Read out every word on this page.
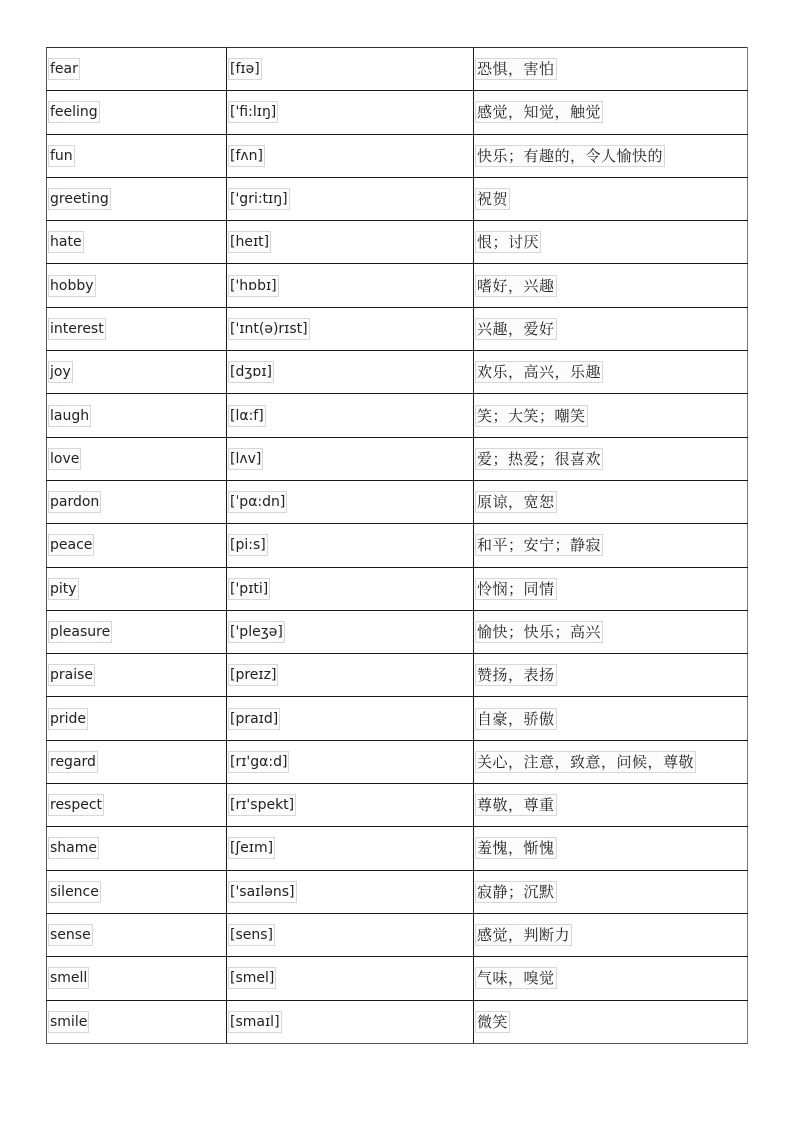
fear	[fɪə]	恐惧，害怕
feeling	['fi:lɪŋ]	感觉，知觉，触觉
fun	[fʌn]	快乐；有趣的，令人愉快的
greeting	['gri:tɪŋ]	祝贺
hate	[heɪt]	恨；讨厌
hobby	['hɒbɪ]	嗜好，兴趣
interest	['ɪnt(ə)rɪst]	兴趣，爱好
joy	[dʒɒɪ]	欢乐，高兴，乐趣
laugh	[lα:f]	笑；大笑；嘲笑
love	[lʌv]	爱；热爱；很喜欢
pardon	[ˈpα:dn]	原谅，宽恕
peace	[pi:s]	和平；安宁；静寂
pity	['pɪti]	怜悯；同情
pleasure	['pleʒə]	愉快；快乐；高兴
praise	[preɪz]	赞扬，表扬
pride	[praɪd]	自豪，骄傲
regard	[rɪ'gα:d]	关心，注意，致意，问候，尊敬
respect	[rɪ'spekt]	尊敬，尊重
shame	[ʃeɪm]	羞愧，惭愧
silence	['saɪləns]	寂静；沉默
sense	[sens]	感觉，判断力
smell	[smel]	气味，嗅觉
smile	[smaɪl]	微笑
